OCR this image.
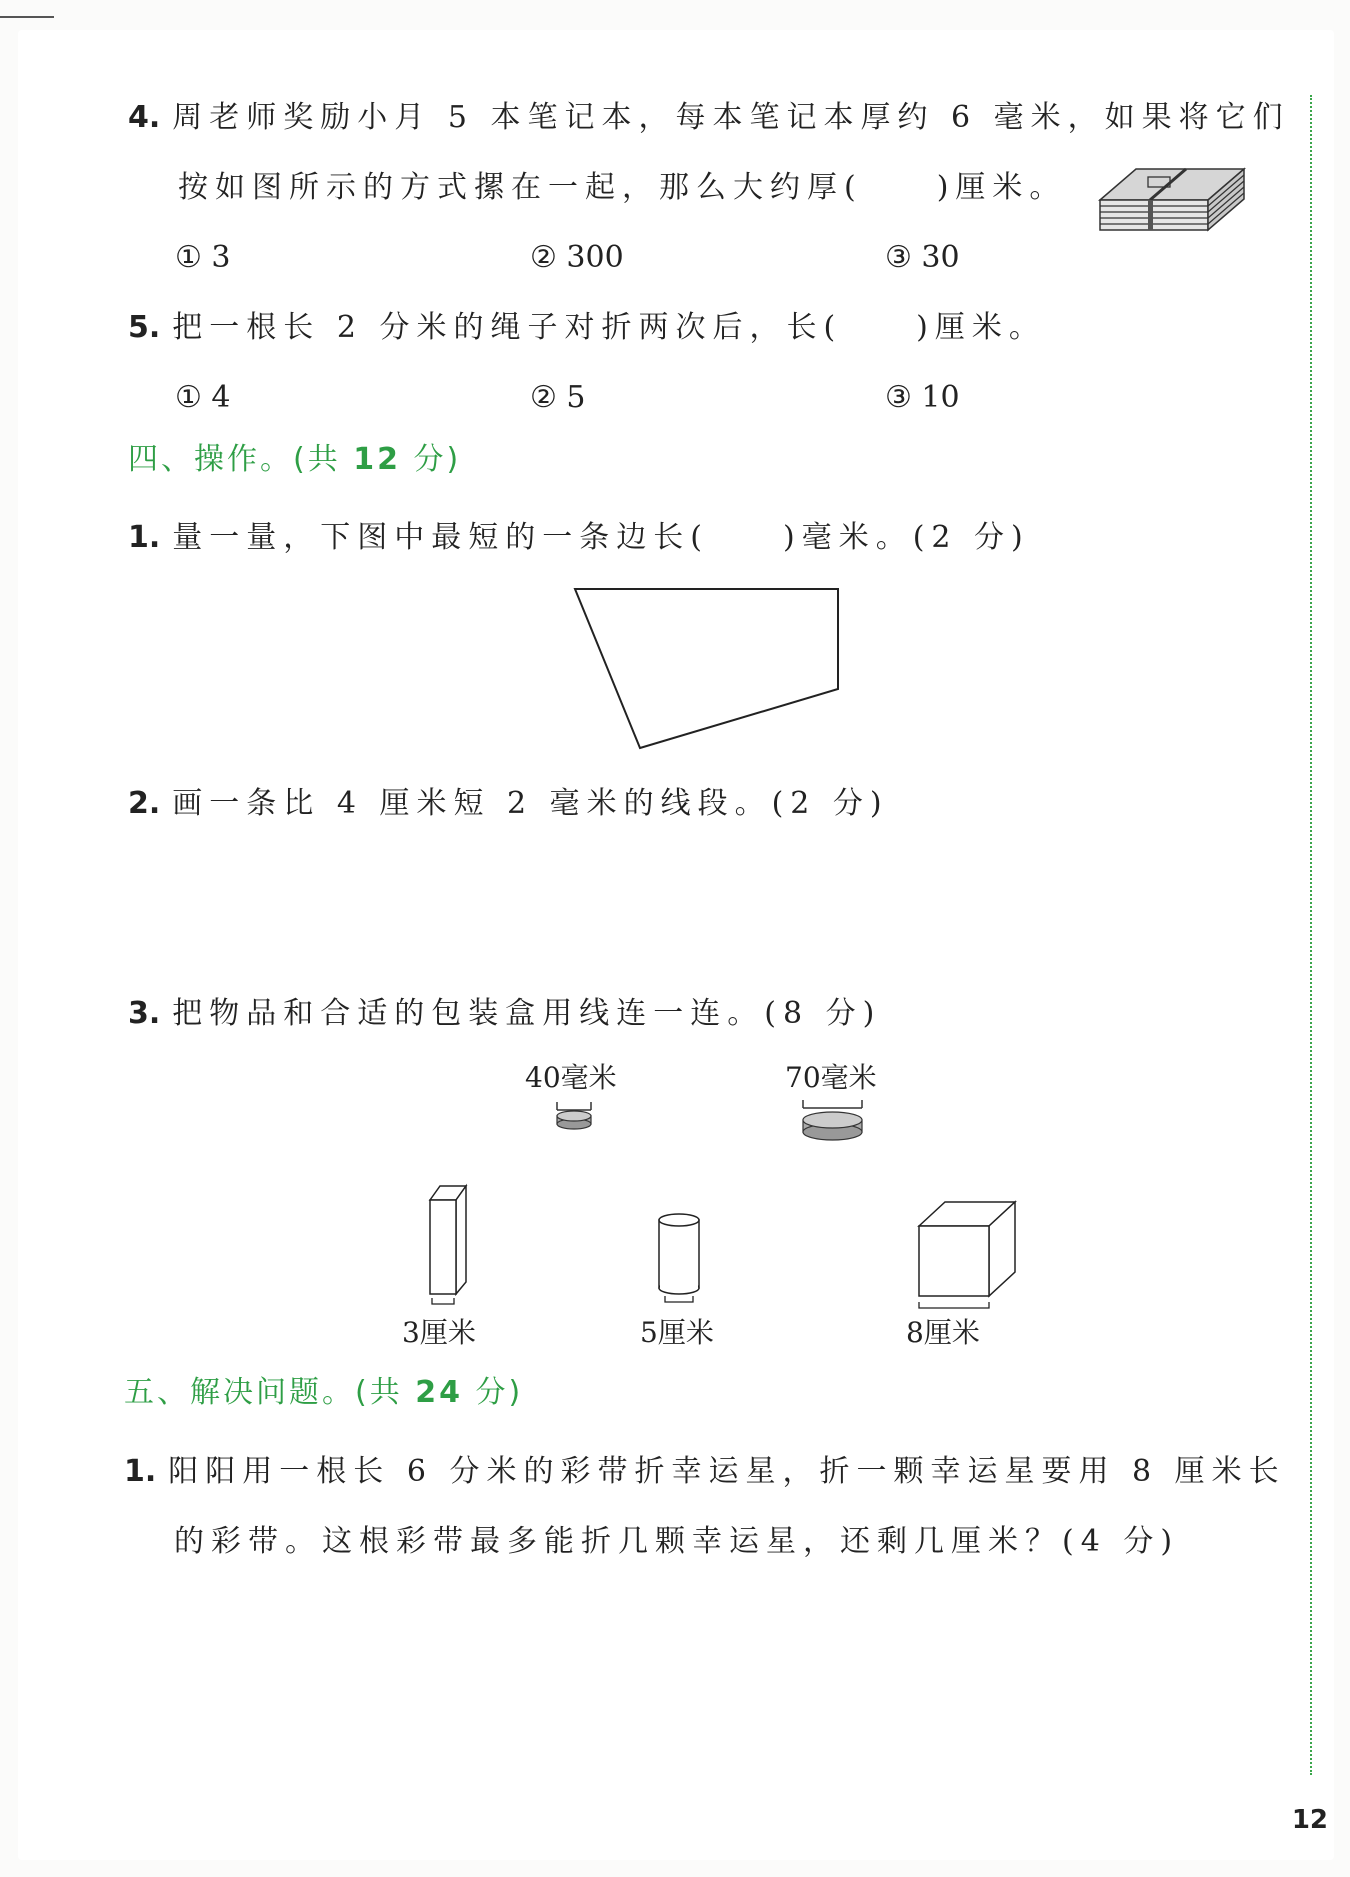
4. 周老师奖励小月 5 本笔记本，每本笔记本厚约 6 毫米，如果将它们
按如图所示的方式摞在一起，那么大约厚(　　)厘米。
① 3	② 300	③ 30
5. 把一根长 2 分米的绳子对折两次后，长(　　)厘米。
① 4	② 5	③ 10
四、操作。(共 12 分)
1. 量一量，下图中最短的一条边长(　　)毫米。(2 分)
2. 画一条比 4 厘米短 2 毫米的线段。(2 分)
3. 把物品和合适的包装盒用线连一连。(8 分)
40毫米	70毫米
3厘米	5厘米	8厘米
五、解决问题。(共 24 分)
1. 阳阳用一根长 6 分米的彩带折幸运星，折一颗幸运星要用 8 厘米长
的彩带。这根彩带最多能折几颗幸运星，还剩几厘米？(4 分)
12
